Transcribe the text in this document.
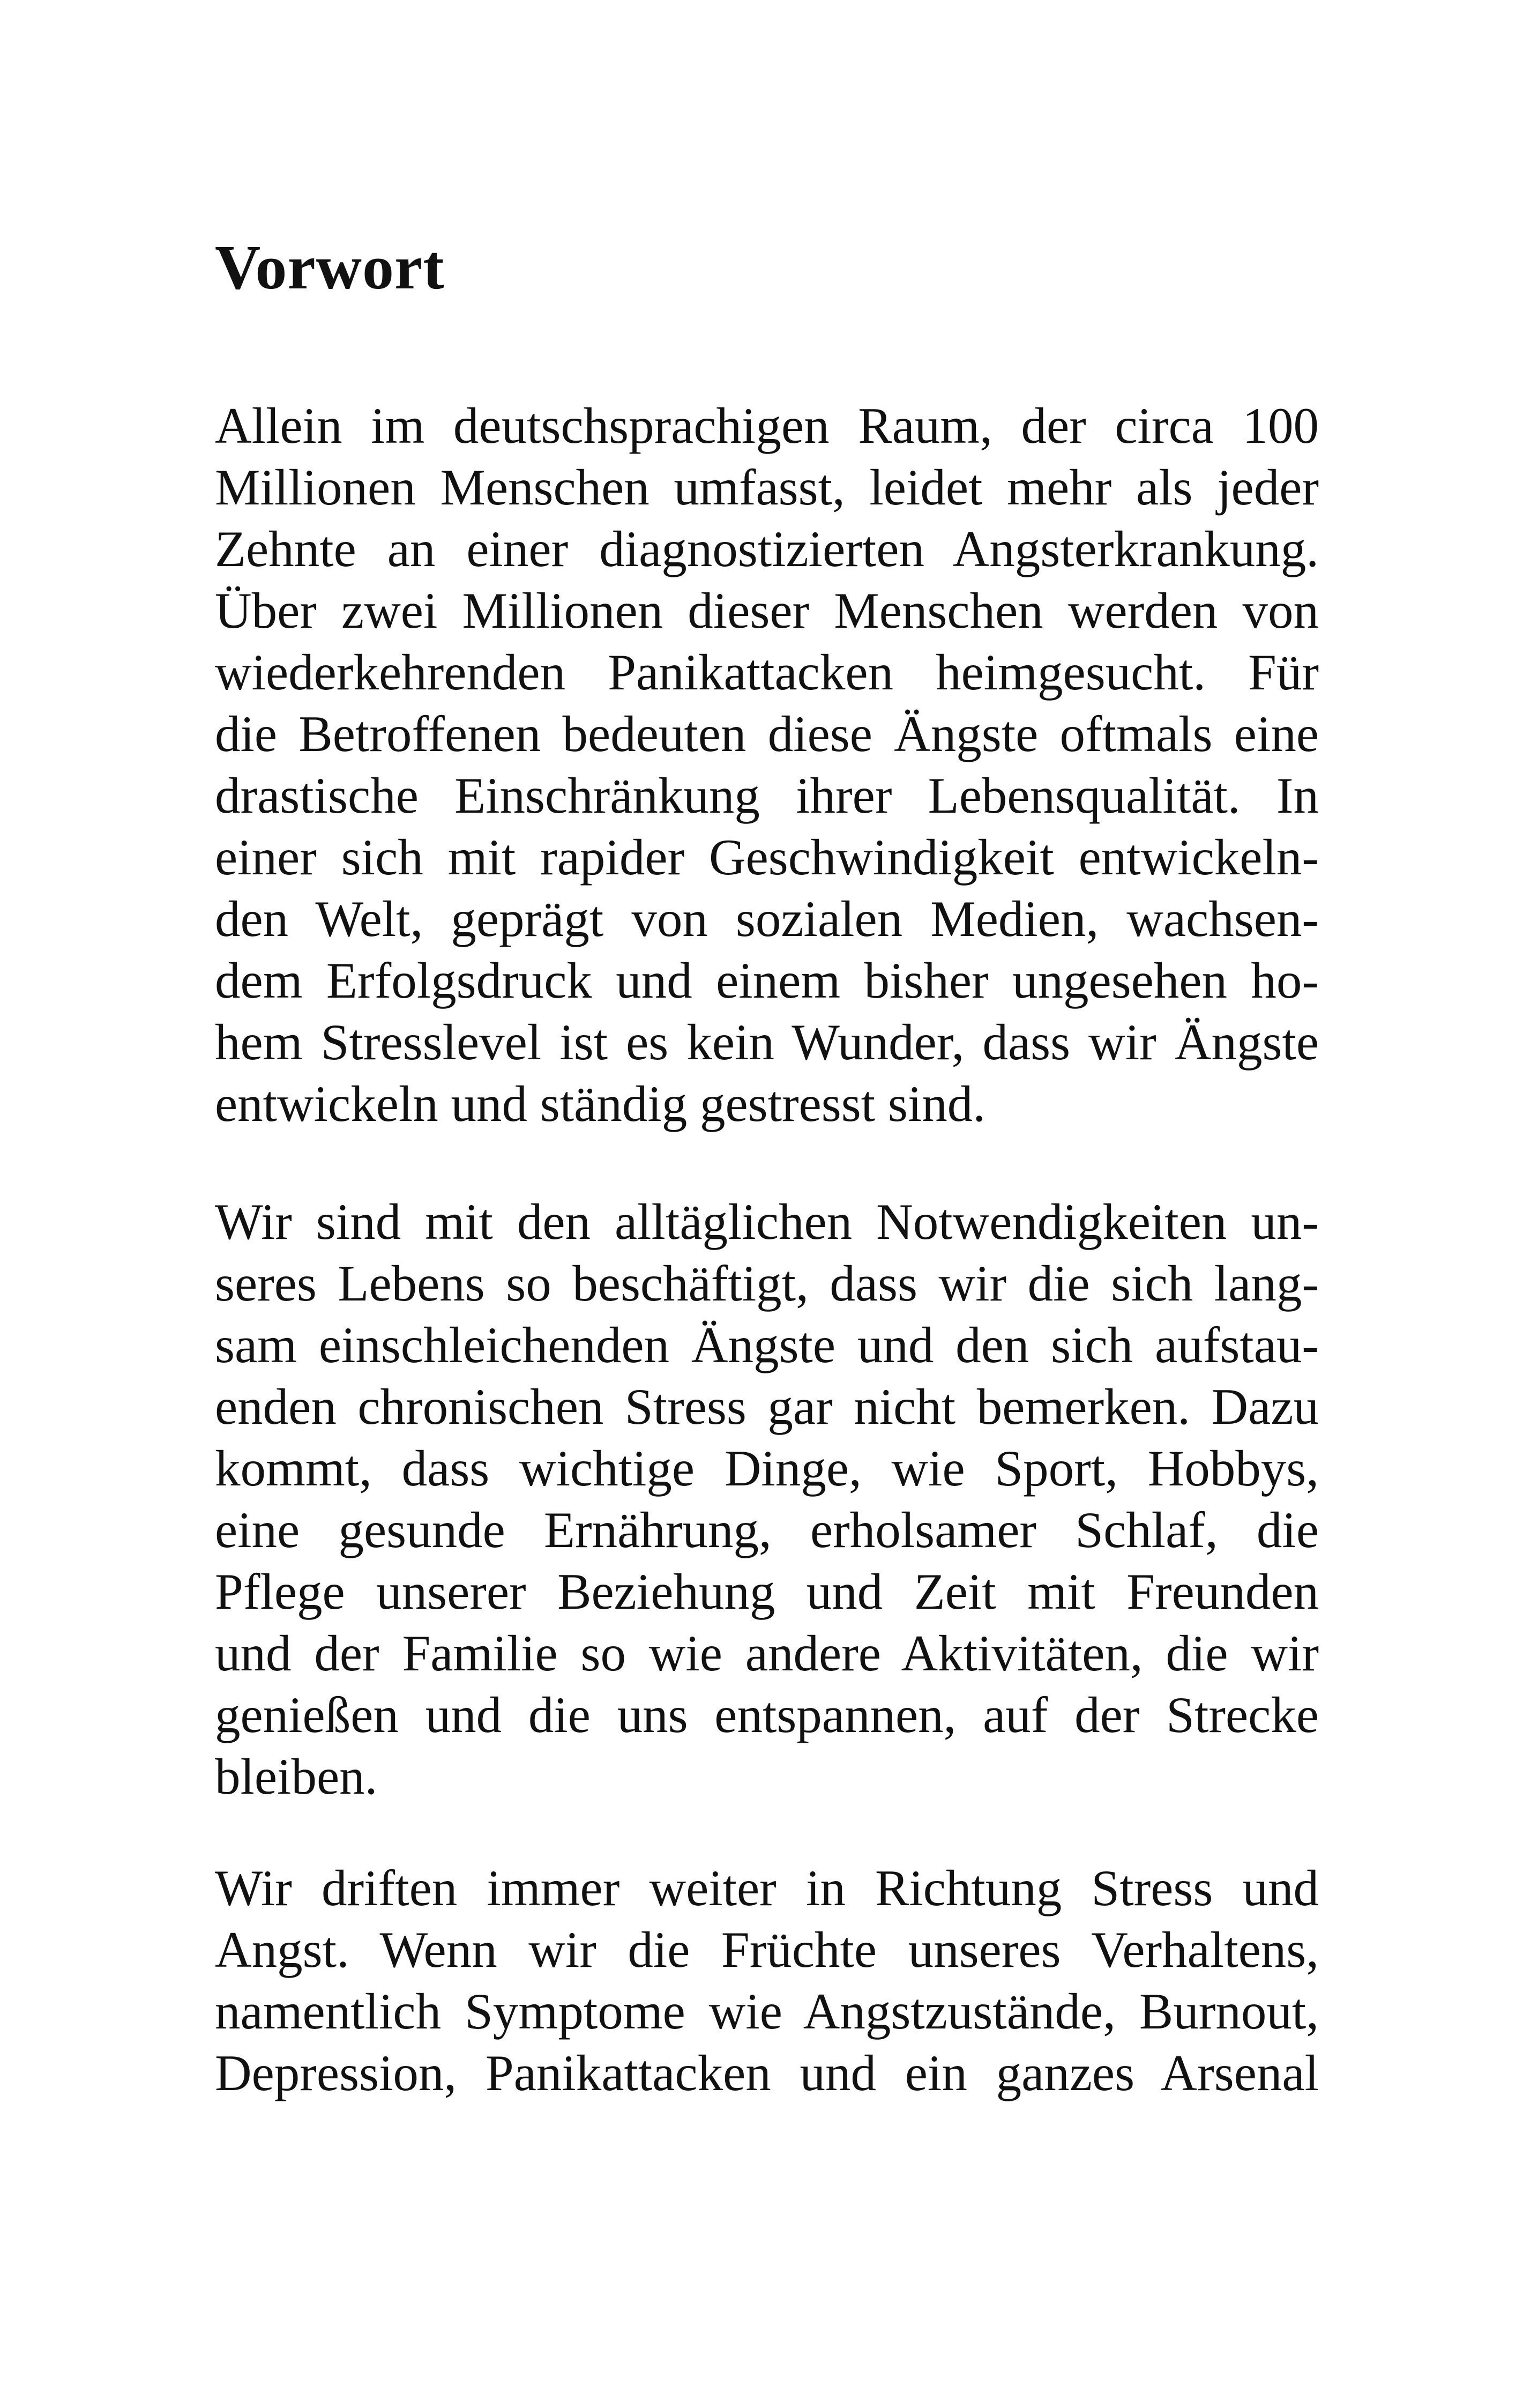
Vorwort
Allein im deutschsprachigen Raum, der circa 100
Millionen Menschen umfasst, leidet mehr als jeder
Zehnte an einer diagnostizierten Angsterkrankung.
Über zwei Millionen dieser Menschen werden von
wiederkehrenden Panikattacken heimgesucht. Für
die Betroffenen bedeuten diese Ängste oftmals eine
drastische Einschränkung ihrer Lebensqualität. In
einer sich mit rapider Geschwindigkeit entwickeln-
den Welt, geprägt von sozialen Medien, wachsen-
dem Erfolgsdruck und einem bisher ungesehen ho-
hem Stresslevel ist es kein Wunder, dass wir Ängste
entwickeln und ständig gestresst sind.
Wir sind mit den alltäglichen Notwendigkeiten un-
seres Lebens so beschäftigt, dass wir die sich lang-
sam einschleichenden Ängste und den sich aufstau-
enden chronischen Stress gar nicht bemerken. Dazu
kommt, dass wichtige Dinge, wie Sport, Hobbys,
eine gesunde Ernährung, erholsamer Schlaf, die
Pflege unserer Beziehung und Zeit mit Freunden
und der Familie so wie andere Aktivitäten, die wir
genießen und die uns entspannen, auf der Strecke
bleiben.
Wir driften immer weiter in Richtung Stress und
Angst. Wenn wir die Früchte unseres Verhaltens,
namentlich Symptome wie Angstzustände, Burnout,
Depression, Panikattacken und ein ganzes Arsenal
